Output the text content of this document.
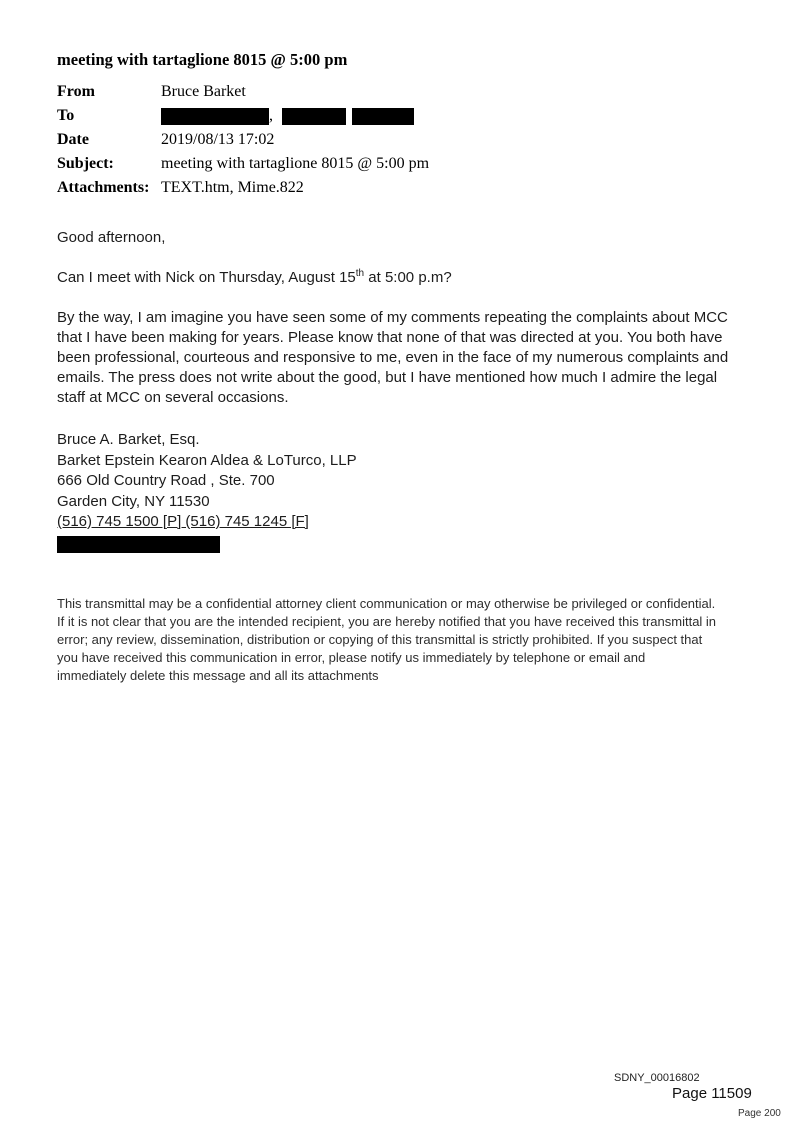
meeting with tartaglione 8015 @ 5:00 pm
From	Bruce Barket
To	,
Date	2019/08/13 17:02
Subject:	meeting with tartaglione 8015 @ 5:00 pm
Attachments: TEXT.htm, Mime.822
Good afternoon,
Can I meet with Nick on Thursday, August 15th at 5:00 p.m?
By the way, I am imagine you have seen some of my comments repeating the complaints about MCC that I have been making for years. Please know that none of that was directed at you. You both have been professional, courteous and responsive to me, even in the face of my numerous complaints and emails. The press does not write about the good, but I have mentioned how much I admire the legal staff at MCC on several occasions.
Bruce A. Barket, Esq.
Barket Epstein Kearon Aldea & LoTurco, LLP
666 Old Country Road , Ste. 700
Garden City, NY 11530
(516) 745 1500 [P] (516) 745 1245 [F]
This transmittal may be a confidential attorney client communication or may otherwise be privileged or confidential. If it is not clear that you are the intended recipient, you are hereby notified that you have received this transmittal in error; any review, dissemination, distribution or copying of this transmittal is strictly prohibited. If you suspect that you have received this communication in error, please notify us immediately by telephone or email and immediately delete this message and all its attachments
SDNY_00016802
Page 11509
Page 200
